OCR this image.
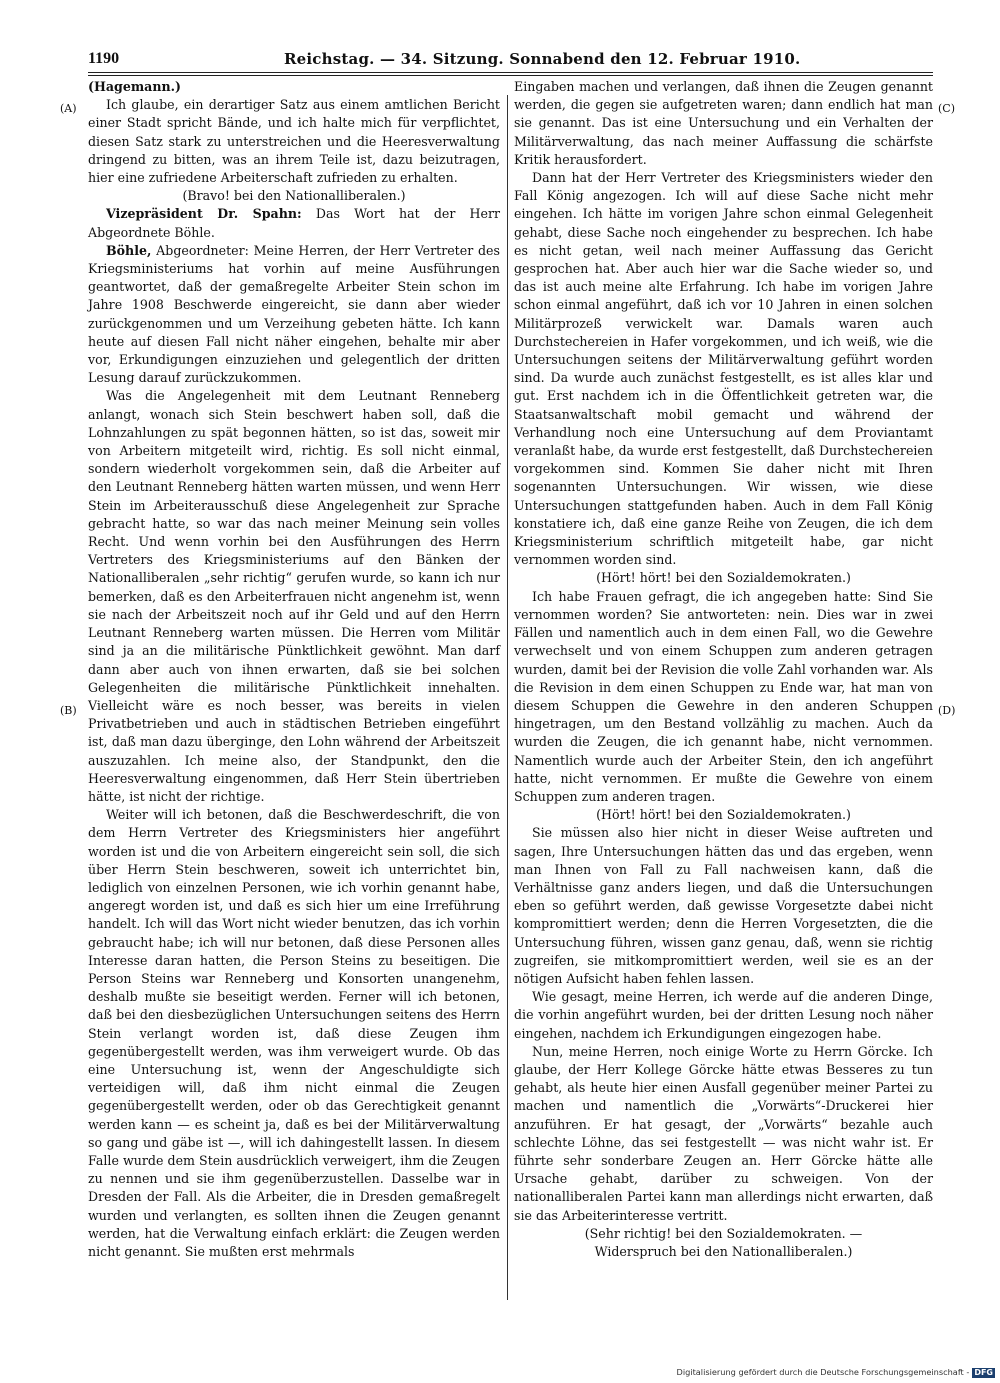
1190	Reichstag. — 34. Sitzung. Sonnabend den 12. Februar 1910.
(A)
(B)
(C)
(D)

(Hagemann.)

Ich glaube, ein derartiger Satz aus einem amtlichen Bericht einer Stadt spricht Bände, und ich halte mich für verpflichtet, diesen Satz stark zu unterstreichen und die Heeresverwaltung dringend zu bitten, was an ihrem Teile ist, dazu beizutragen, hier eine zufriedene Arbeiterschaft zufrieden zu erhalten.

(Bravo! bei den Nationalliberalen.)

Vizepräsident Dr. Spahn: Das Wort hat der Herr Abgeordnete Böhle.

Böhle, Abgeordneter: Meine Herren, der Herr Vertreter des Kriegsministeriums hat vorhin auf meine Ausführungen geantwortet, daß der gemaßregelte Arbeiter Stein schon im Jahre 1908 Beschwerde eingereicht, sie dann aber wieder zurückgenommen und um Verzeihung gebeten hätte. Ich kann heute auf diesen Fall nicht näher eingehen, behalte mir aber vor, Erkundigungen einzuziehen und gelegentlich der dritten Lesung darauf zurückzukommen.

Was die Angelegenheit mit dem Leutnant Renneberg anlangt, wonach sich Stein beschwert haben soll, daß die Lohnzahlungen zu spät begonnen hätten, so ist das, soweit mir von Arbeitern mitgeteilt wird, richtig. Es soll nicht einmal, sondern wiederholt vorgekommen sein, daß die Arbeiter auf den Leutnant Renneberg hätten warten müssen, und wenn Herr Stein im Arbeiterausschuß diese Angelegenheit zur Sprache gebracht hatte, so war das nach meiner Meinung sein volles Recht. Und wenn vorhin bei den Ausführungen des Herrn Vertreters des Kriegsministeriums auf den Bänken der Nationalliberalen „sehr richtig“ gerufen wurde, so kann ich nur bemerken, daß es den Arbeiterfrauen nicht angenehm ist, wenn sie nach der Arbeitszeit noch auf ihr Geld und auf den Herrn Leutnant Renneberg warten müssen. Die Herren vom Militär sind ja an die militärische Pünktlichkeit gewöhnt. Man darf dann aber auch von ihnen erwarten, daß sie bei solchen Gelegenheiten die militärische Pünktlichkeit innehalten. Vielleicht wäre es noch besser, was bereits in vielen Privatbetrieben und auch in städtischen Betrieben eingeführt ist, daß man dazu überginge, den Lohn während der Arbeitszeit auszuzahlen. Ich meine also, der Standpunkt, den die Heeresverwaltung eingenommen, daß Herr Stein übertrieben hätte, ist nicht der richtige.

Weiter will ich betonen, daß die Beschwerdeschrift, die von dem Herrn Vertreter des Kriegsministers hier angeführt worden ist und die von Arbeitern eingereicht sein soll, die sich über Herrn Stein beschweren, soweit ich unterrichtet bin, lediglich von einzelnen Personen, wie ich vorhin genannt habe, angeregt worden ist, und daß es sich hier um eine Irreführung handelt. Ich will das Wort nicht wieder benutzen, das ich vorhin gebraucht habe; ich will nur betonen, daß diese Personen alles Interesse daran hatten, die Person Steins zu beseitigen. Die Person Steins war Renneberg und Konsorten unangenehm, deshalb mußte sie beseitigt werden. Ferner will ich betonen, daß bei den diesbezüglichen Untersuchungen seitens des Herrn Stein verlangt worden ist, daß diese Zeugen ihm gegenübergestellt werden, was ihm verweigert wurde. Ob das eine Untersuchung ist, wenn der Angeschuldigte sich verteidigen will, daß ihm nicht einmal die Zeugen gegenübergestellt werden, oder ob das Gerechtigkeit genannt werden kann — es scheint ja, daß es bei der Militärverwaltung so gang und gäbe ist —, will ich dahingestellt lassen. In diesem Falle wurde dem Stein ausdrücklich verweigert, ihm die Zeugen zu nennen und sie ihm gegenüberzustellen. Dasselbe war in Dresden der Fall. Als die Arbeiter, die in Dresden gemaßregelt wurden und verlangten, es sollten ihnen die Zeugen genannt werden, hat die Verwaltung einfach erklärt: die Zeugen werden nicht genannt. Sie mußten erst mehrmals

Eingaben machen und verlangen, daß ihnen die Zeugen genannt werden, die gegen sie aufgetreten waren; dann endlich hat man sie genannt. Das ist eine Untersuchung und ein Verhalten der Militärverwaltung, das nach meiner Auffassung die schärfste Kritik herausfordert.

Dann hat der Herr Vertreter des Kriegsministers wieder den Fall König angezogen. Ich will auf diese Sache nicht mehr eingehen. Ich hätte im vorigen Jahre schon einmal Gelegenheit gehabt, diese Sache noch eingehender zu besprechen. Ich habe es nicht getan, weil nach meiner Auffassung das Gericht gesprochen hat. Aber auch hier war die Sache wieder so, und das ist auch meine alte Erfahrung. Ich habe im vorigen Jahre schon einmal angeführt, daß ich vor 10 Jahren in einen solchen Militärprozeß verwickelt war. Damals waren auch Durchstechereien in Hafer vorgekommen, und ich weiß, wie die Untersuchungen seitens der Militärverwaltung geführt worden sind. Da wurde auch zunächst festgestellt, es ist alles klar und gut. Erst nachdem ich in die Öffentlichkeit getreten war, die Staatsanwaltschaft mobil gemacht und während der Verhandlung noch eine Untersuchung auf dem Proviantamt veranlaßt habe, da wurde erst festgestellt, daß Durchstechereien vorgekommen sind. Kommen Sie daher nicht mit Ihren sogenannten Untersuchungen. Wir wissen, wie diese Untersuchungen stattgefunden haben. Auch in dem Fall König konstatiere ich, daß eine ganze Reihe von Zeugen, die ich dem Kriegsministerium schriftlich mitgeteilt habe, gar nicht vernommen worden sind.

(Hört! hört! bei den Sozialdemokraten.)

Ich habe Frauen gefragt, die ich angegeben hatte: Sind Sie vernommen worden? Sie antworteten: nein. Dies war in zwei Fällen und namentlich auch in dem einen Fall, wo die Gewehre verwechselt und von einem Schuppen zum anderen getragen wurden, damit bei der Revision die volle Zahl vorhanden war. Als die Revision in dem einen Schuppen zu Ende war, hat man von diesem Schuppen die Gewehre in den anderen Schuppen hingetragen, um den Bestand vollzählig zu machen. Auch da wurden die Zeugen, die ich genannt habe, nicht vernommen. Namentlich wurde auch der Arbeiter Stein, den ich angeführt hatte, nicht vernommen. Er mußte die Gewehre von einem Schuppen zum anderen tragen.

(Hört! hört! bei den Sozialdemokraten.)

Sie müssen also hier nicht in dieser Weise auftreten und sagen, Ihre Untersuchungen hätten das und das ergeben, wenn man Ihnen von Fall zu Fall nachweisen kann, daß die Verhältnisse ganz anders liegen, und daß die Untersuchungen eben so geführt werden, daß gewisse Vorgesetzte dabei nicht kompromittiert werden; denn die Herren Vorgesetzten, die die Untersuchung führen, wissen ganz genau, daß, wenn sie richtig zugreifen, sie mitkompromittiert werden, weil sie es an der nötigen Aufsicht haben fehlen lassen.

Wie gesagt, meine Herren, ich werde auf die anderen Dinge, die vorhin angeführt wurden, bei der dritten Lesung noch näher eingehen, nachdem ich Erkundigungen eingezogen habe.

Nun, meine Herren, noch einige Worte zu Herrn Görcke. Ich glaube, der Herr Kollege Görcke hätte etwas Besseres zu tun gehabt, als heute hier einen Ausfall gegenüber meiner Partei zu machen und namentlich die „Vorwärts“-Druckerei hier anzuführen. Er hat gesagt, der „Vorwärts“ bezahle auch schlechte Löhne, das sei festgestellt — was nicht wahr ist. Er führte sehr sonderbare Zeugen an. Herr Görcke hätte alle Ursache gehabt, darüber zu schweigen. Von der nationalliberalen Partei kann man allerdings nicht erwarten, daß sie das Arbeiterinteresse vertritt.

(Sehr richtig! bei den Sozialdemokraten. —

Widerspruch bei den Nationalliberalen.)

Digitalisierung gefördert durch die Deutsche Forschungsgemeinschaft - DFG
